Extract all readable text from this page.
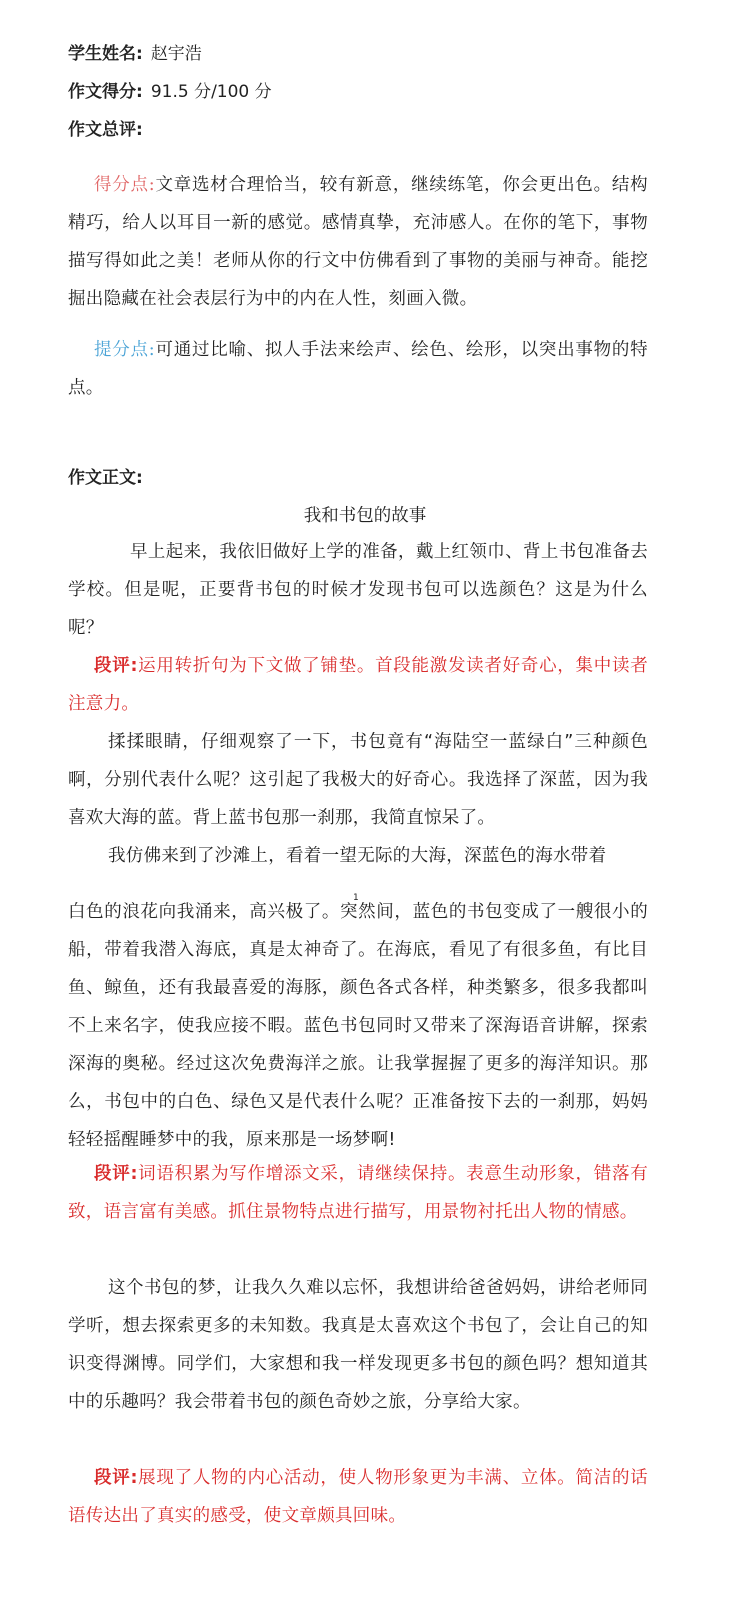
学生姓名: 赵宇浩
作文得分: 91.5 分/100 分
作文总评:
得分点:文章选材合理恰当，较有新意，继续练笔，你会更出色。结构精巧，给人以耳目一新的感觉。感情真挚，充沛感人。在你的笔下，事物描写得如此之美！老师从你的行文中仿佛看到了事物的美丽与神奇。能挖掘出隐藏在社会表层行为中的内在人性，刻画入微。
提分点:可通过比喻、拟人手法来绘声、绘色、绘形，以突出事物的特点。
作文正文:
我和书包的故事
早上起来，我依旧做好上学的准备，戴上红领巾、背上书包准备去学校。但是呢，正要背书包的时候才发现书包可以选颜色？这是为什么呢？
段评:运用转折句为下文做了铺垫。首段能激发读者好奇心，集中读者注意力。
揉揉眼睛，仔细观察了一下，书包竟有“海陆空一蓝绿白”三种颜色啊，分别代表什么呢？这引起了我极大的好奇心。我选择了深蓝，因为我喜欢大海的蓝。背上蓝书包那一刹那，我简直惊呆了。
我仿佛来到了沙滩上，看着一望无际的大海，深蓝色的海水带着
1
白色的浪花向我涌来，高兴极了。突然间，蓝色的书包变成了一艘很小的船，带着我潜入海底，真是太神奇了。在海底，看见了有很多鱼，有比目鱼、鲸鱼，还有我最喜爱的海豚，颜色各式各样，种类繁多，很多我都叫不上来名字，使我应接不暇。蓝色书包同时又带来了深海语音讲解，探索深海的奥秘。经过这次免费海洋之旅。让我掌握握了更多的海洋知识。那么，书包中的白色、绿色又是代表什么呢？正准备按下去的一刹那，妈妈轻轻摇醒睡梦中的我，原来那是一场梦啊!
段评:词语积累为写作增添文采，请继续保持。表意生动形象，错落有致，语言富有美感。抓住景物特点进行描写，用景物衬托出人物的情感。
这个书包的梦，让我久久难以忘怀，我想讲给爸爸妈妈，讲给老师同学听，想去探索更多的未知数。我真是太喜欢这个书包了，会让自己的知识变得渊博。同学们，大家想和我一样发现更多书包的颜色吗？想知道其中的乐趣吗？我会带着书包的颜色奇妙之旅，分享给大家。
段评:展现了人物的内心活动，使人物形象更为丰满、立体。简洁的话语传达出了真实的感受，使文章颇具回味。
